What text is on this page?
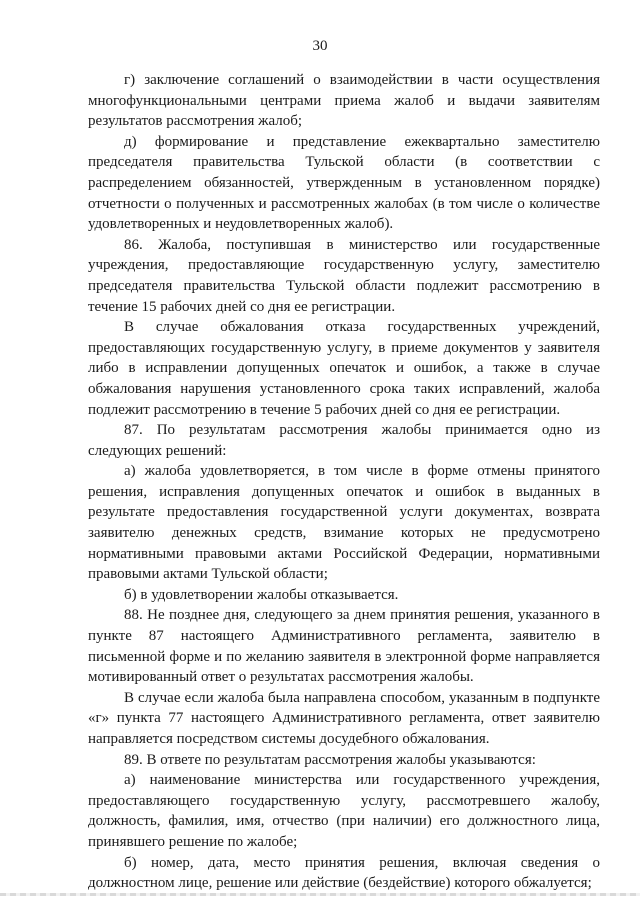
30

г) заключение соглашений о взаимодействии в части осуществления многофункциональными центрами приема жалоб и выдачи заявителям результатов рассмотрения жалоб;

д) формирование и представление ежеквартально заместителю председателя правительства Тульской области (в соответствии с распределением обязанностей, утвержденным в установленном порядке) отчетности о полученных и рассмотренных жалобах (в том числе о количестве удовлетворенных и неудовлетворенных жалоб).

86. Жалоба, поступившая в министерство или государственные учреждения, предоставляющие государственную услугу, заместителю председателя правительства Тульской области подлежит рассмотрению в течение 15 рабочих дней со дня ее регистрации.

В случае обжалования отказа государственных учреждений, предоставляющих государственную услугу, в приеме документов у заявителя либо в исправлении допущенных опечаток и ошибок, а также в случае обжалования нарушения установленного срока таких исправлений, жалоба подлежит рассмотрению в течение 5 рабочих дней со дня ее регистрации.

87. По результатам рассмотрения жалобы принимается одно из следующих решений:

а) жалоба удовлетворяется, в том числе в форме отмены принятого решения, исправления допущенных опечаток и ошибок в выданных в результате предоставления государственной услуги документах, возврата заявителю денежных средств, взимание которых не предусмотрено нормативными правовыми актами Российской Федерации, нормативными правовыми актами Тульской области;

б) в удовлетворении жалобы отказывается.

88. Не позднее дня, следующего за днем принятия решения, указанного в пункте 87 настоящего Административного регламента, заявителю в письменной форме и по желанию заявителя в электронной форме направляется мотивированный ответ о результатах рассмотрения жалобы.

В случае если жалоба была направлена способом, указанным в подпункте «г» пункта 77 настоящего Административного регламента, ответ заявителю направляется посредством системы досудебного обжалования.

89. В ответе по результатам рассмотрения жалобы указываются:

а) наименование министерства или государственного учреждения, предоставляющего государственную услугу, рассмотревшего жалобу, должность, фамилия, имя, отчество (при наличии) его должностного лица, принявшего решение по жалобе;

б) номер, дата, место принятия решения, включая сведения о должностном лице, решение или действие (бездействие) которого обжалуется;
